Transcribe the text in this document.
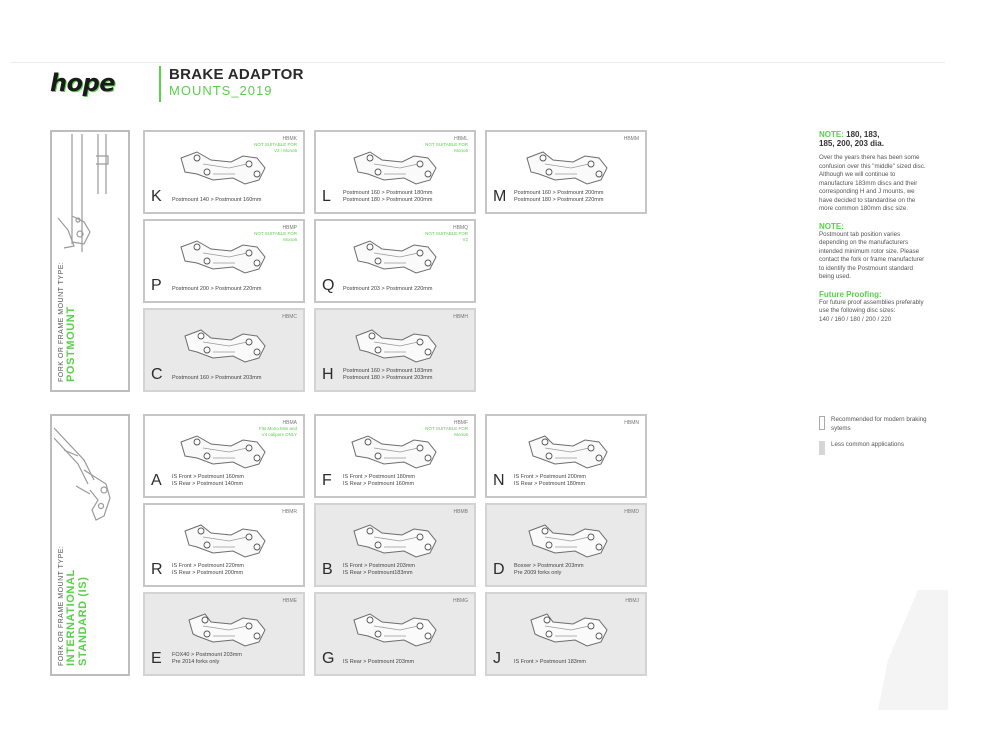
hope	BRAKE ADAPTOR
MOUNTS_2019
FORK OR FRAME MOUNT TYPE: POSTMOUNT
FORK OR FRAME MOUNT TYPE: INTERNATIONAL STANDARD (IS)
HBMK
NOT SUITABLE FOR
V2 / Mono6
K Postmount 140 > Postmount 160mm
HBML
NOT SUITABLE FOR
Mono6
L Postmount 160 > Postmount 180mm
Postmount 180 > Postmount 200mm
HBMM
M Postmount 160 > Postmount 200mm
Postmount 180 > Postmount 220mm
HBMP
NOT SUITABLE FOR
Mono6
P Postmount 200 > Postmount 220mm
HBMQ
NOT SUITABLE FOR
V2
Q Postmount 203 > Postmount 220mm
HBMC
C Postmount 160 > Postmount 203mm
HBMH
H Postmount 160 > Postmount 183mm
Postmount 180 > Postmount 203mm
HBMA
Fits Mono Mini and
V4 calipers ONLY
A IS Front > Postmount 160mm
IS Rear > Postmount 140mm
HBMF
NOT SUITABLE FOR
Mono6
F IS Front > Postmount 180mm
IS Rear > Postmount 160mm
HBMN
N IS Front > Postmount 200mm
IS Rear > Postmount 180mm
HBMR
R IS Front > Postmount 220mm
IS Rear > Postmount 200mm
HBMB
B IS Front > Postmount 203mm
IS Rear > Postmount183mm
HBMD
D Boxxer > Postmount 203mm
Pre 2009 forks only
HBME
E FOX40 > Postmount 203mm
Pre 2014 forks only
HBMG
G IS Rear > Postmount 203mm
HBMJ
J IS Front > Postmount 183mm
NOTE: 180, 183,
185, 200, 203 dia.
Over the years there has been some confusion over this "middle" sized disc. Although we will continue to manufacture 183mm discs and their corresponding H and J mounts, we have decided to standardise on the more common 180mm disc size.
NOTE:
Postmount tab position varies depending on the manufacturers intended minimum rotor size. Please contact the fork or frame manufacturer to identify the Postmount standard being used.
Future Proofing:
For future proof assemblies preferably use the following disc sizes:
140 / 160 / 180 / 200 / 220
Recommended for modern braking sytems
Less common applications
